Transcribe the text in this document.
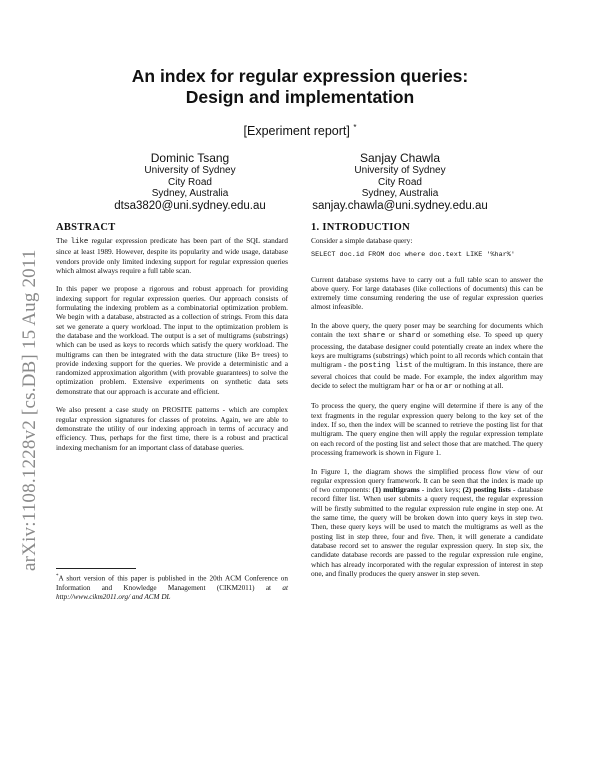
arXiv:1108.1228v2 [cs.DB] 15 Aug 2011
An index for regular expression queries:
Design and implementation
[Experiment report] *
Dominic Tsang
University of Sydney
City Road
Sydney, Australia
dtsa3820@uni.sydney.edu.au
Sanjay Chawla
University of Sydney
City Road
Sydney, Australia
sanjay.chawla@uni.sydney.edu.au
ABSTRACT

The like regular expression predicate has been part of the SQL standard since at least 1989. However, despite its popularity and wide usage, database vendors provide only limited indexing support for regular expression queries which almost always require a full table scan.

In this paper we propose a rigorous and robust approach for providing indexing support for regular expression queries. Our approach consists of formulating the indexing problem as a combinatorial optimization problem. We begin with a database, abstracted as a collection of strings. From this data set we generate a query workload. The input to the optimization problem is the database and the workload. The output is a set of multigrams (substrings) which can be used as keys to records which satisfy the query workload. The multigrams can then be integrated with the data structure (like B+ trees) to provide indexing support for the queries. We provide a deterministic and a randomized approximation algorithm (with provable guarantees) to solve the optimization problem. Extensive experiments on synthetic data sets demonstrate that our approach is accurate and efficient.

We also present a case study on PROSITE patterns - which are complex regular expression signatures for classes of proteins. Again, we are able to demonstrate the utility of our indexing approach in terms of accuracy and efficiency. Thus, perhaps for the first time, there is a robust and practical indexing mechanism for an important class of database queries.

*A short version of this paper is published in the 20th ACM Conference on Information and Knowledge Management (CIKM2011) at at http://www.cikm2011.org/ and ACM DL
1. INTRODUCTION

Consider a simple database query:

SELECT doc.id FROM doc where doc.text LIKE '%har%'

Current database systems have to carry out a full table scan to answer the above query. For large databases (like collections of documents) this can be extremely time consuming rendering the use of regular expression queries almost infeasible.

In the above query, the query poser may be searching for documents which contain the text share or shard or something else. To speed up query processing, the database designer could potentially create an index where the keys are multigrams (substrings) which point to all records which contain that multigram - the posting list of the multigram. In this instance, there are several choices that could be made. For example, the index algorithm may decide to select the multigram har or ha or ar or nothing at all.

To process the query, the query engine will determine if there is any of the text fragments in the regular expression query belong to the key set of the index. If so, then the index will be scanned to retrieve the posting list for that multigram. The query engine then will apply the regular expression template on each record of the posting list and select those that are matched. The query processing framework is shown in Figure 1.

In Figure 1, the diagram shows the simplified process flow view of our regular expression query framework. It can be seen that the index is made up of two components: (1) multigrams - index keys; (2) posting lists - database record filter list. When user submits a query request, the regular expression will be firstly submitted to the regular expression rule engine in step one. At the same time, the query will be broken down into query keys in step two. Then, these query keys will be used to match the multigrams as well as the posting list in step three, four and five. Then, it will generate a candidate database record set to answer the regular expression query. In step six, the candidate database records are passed to the regular expression rule engine, which has already incorporated with the regular expression of interest in step one, and finally produces the query answer in step seven.
